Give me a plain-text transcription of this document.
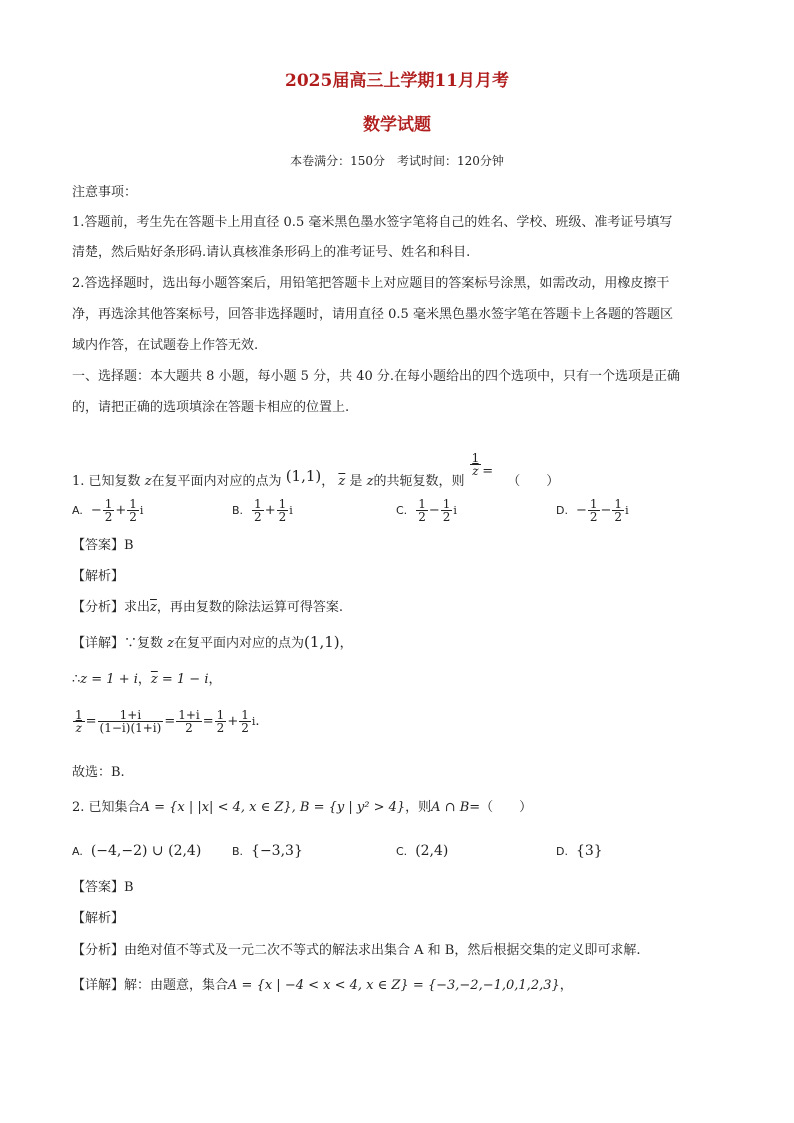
2025届高三上学期11月月考
数学试题
本卷满分：150分　考试时间：120分钟
注意事项：
1.答题前，考生先在答题卡上用直径 0.5 毫米黑色墨水签字笔将自己的姓名、学校、班级、准考证号填写
清楚，然后贴好条形码.请认真核准条形码上的准考证号、姓名和科目.
2.答选择题时，选出每小题答案后，用铅笔把答题卡上对应题目的答案标号涂黑，如需改动，用橡皮擦干
净，再选涂其他答案标号，回答非选择题时，请用直径 0.5 毫米黑色墨水签字笔在答题卡上各题的答题区
域内作答，在试题卷上作答无效.
一、选择题：本大题共 8 小题，每小题 5 分，共 40 分.在每小题给出的四个选项中，只有一个选项是正确
的，请把正确的选项填涂在答题卡相应的位置上.
1. 已知复数 z在复平面内对应的点为 (1,1)， $\overline{z}$ 是 z的共轭复数，则
$\frac{1}{z}$ = （　　）
A. − $\frac{1}{2} + \frac{1}{2}$ i	B. $\frac{1}{2} + \frac{1}{2}$ i	C. $\frac{1}{2} - \frac{1}{2}$ i	D. − $\frac{1}{2} - \frac{1}{2}$ i
【答案】B
【解析】
【分析】求出$\overline{z}$，再由复数的除法运算可得答案.
【详解】∵复数 z在复平面内对应的点为(1,1)，
∴z = 1 + i，$\overline{z} = 1 - i$，
$\frac{1}{z} = \frac{1+i}{(1-i)(1+i)} = \frac{1+i}{2} = \frac{1}{2} + \frac{1}{2} i$.
故选：B.
2. 已知集合A = {x | |x| < 4, x ∈ Z}, B = {y | y² > 4}，则A ∩ B=（　　）
A. (−4,−2) ∪ (2,4)	B. {−3,3}	C. (2,4)	D. {3}
【答案】B
【解析】
【分析】由绝对值不等式及一元二次不等式的解法求出集合 A 和 B，然后根据交集的定义即可求解.
【详解】解：由题意，集合A = {x | −4 < x < 4, x ∈ Z} = {−3,−2,−1,0,1,2,3}，
